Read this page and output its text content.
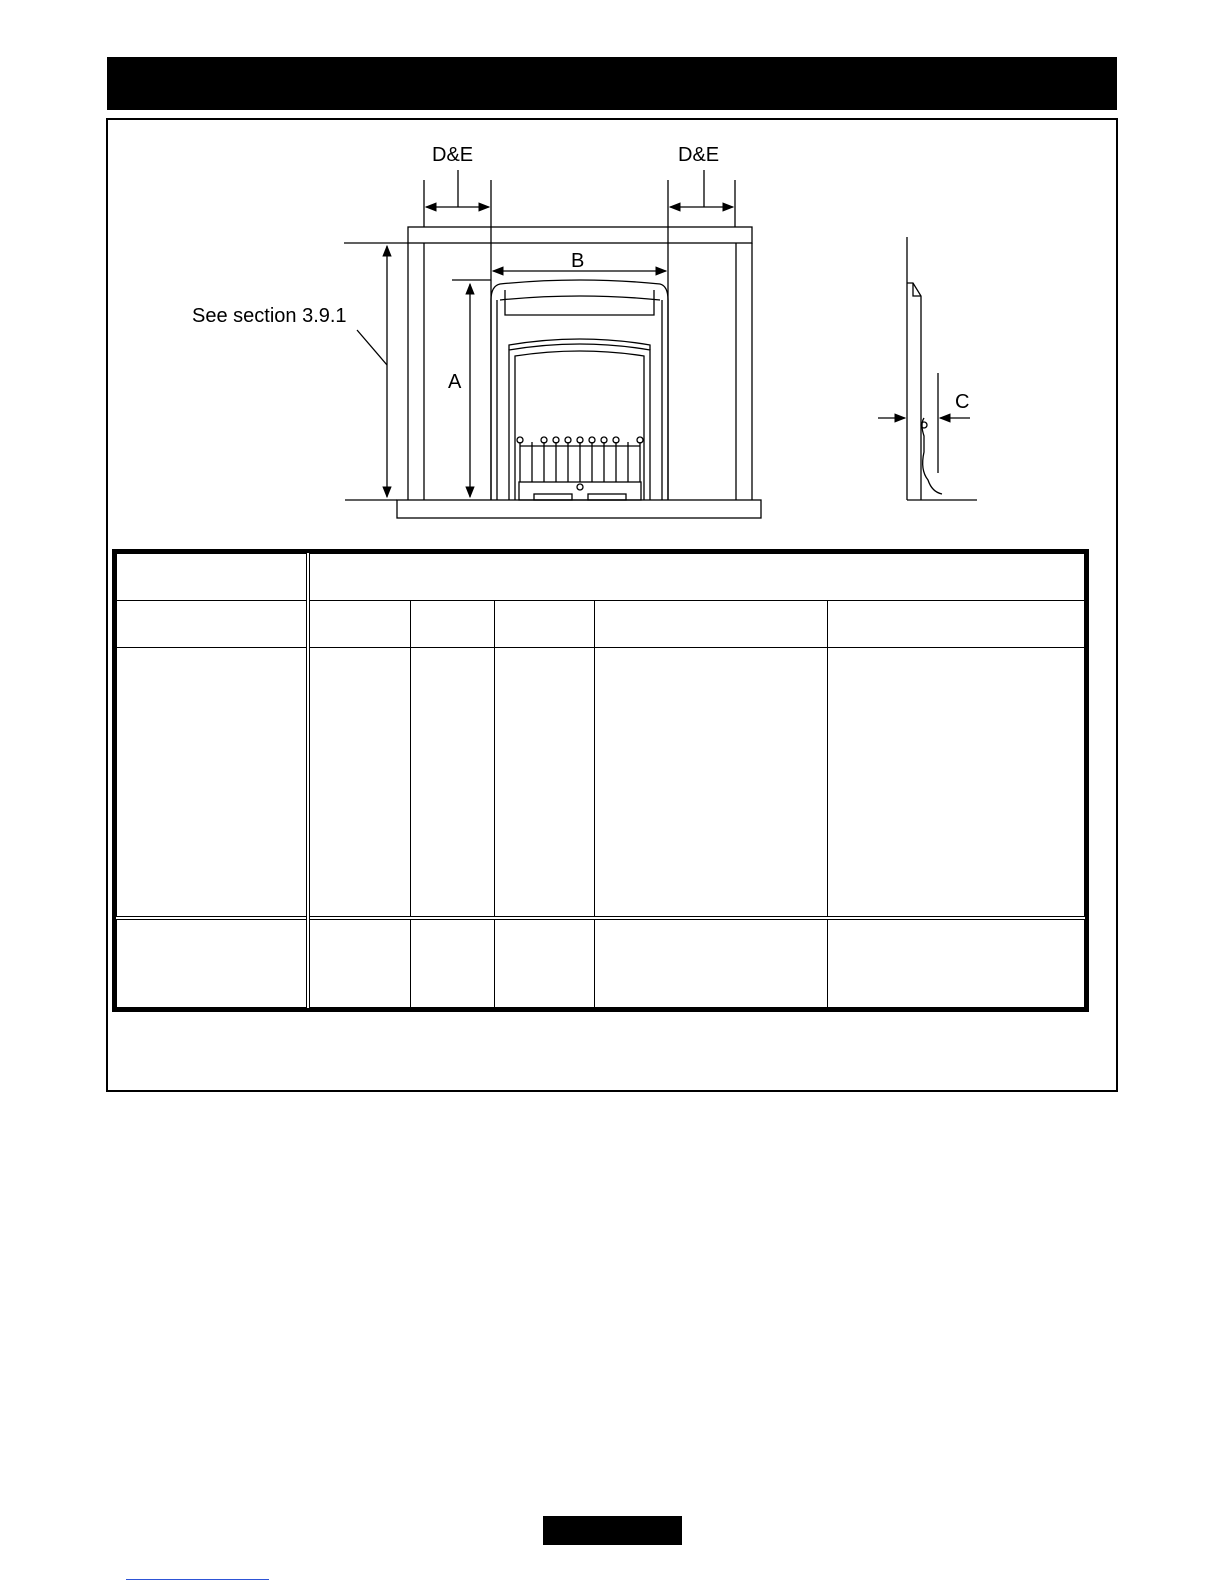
D&E	D&E
B
A
C
See section 3.9.1
